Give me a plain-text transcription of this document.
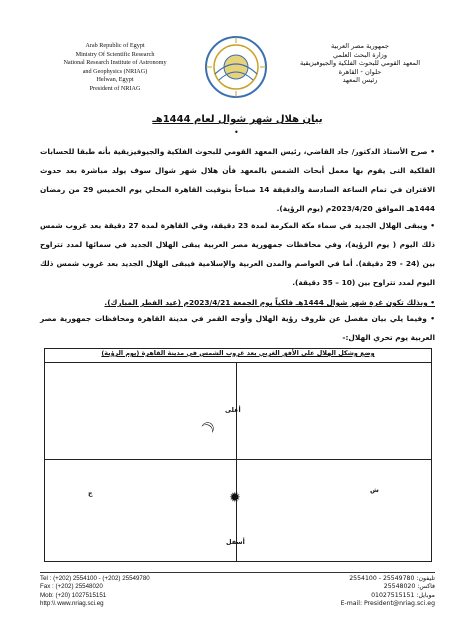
Arab Republic of Egypt
Ministry Of Scientific Research
National Research Institute of Astronomy
and Geophysics (NRIAG)
Helwan, Egypt
President of NRIAG
جمهورية مصر العربية
وزارة البحث العلمي
المعهد القومي للبحوث الفلكية والجيوفيزيقية
حلوان - القاهرة
رئيس المعهد
بيان هلال شهر شوال لعام 1444هـ
•
• صرح الأستاذ الدكتور/ جاد القاضي، رئيس المعهد القومي للبحوث الفلكية والجيوفيزيقية بأنه طبقا للحسابات الفلكية التى يقوم بها معمل أبحاث الشمس بالمعهد فأن هلال شهر شوال سوف يولد مباشرة بعد حدوث الاقتران في تمام الساعة السادسة والدقيقة 14 صباحاً بتوقيت القاهرة المحلي يوم الخميس 29 من رمضان 1444هـ الموافق 2023/4/20م (يوم الرؤية).
• ويبقى الهلال الجديد في سماء مكة المكرمة لمدة 23 دقيقة، وفي القاهرة لمدة 27 دقيقة بعد غروب شمس ذلك اليوم ( يوم الرؤية)، وفي محافظات جمهورية مصر العربية يبقى الهلال الجديد في سمائها لمدد تتراوح بين (24 - 29 دقيقة). أما في العواصم والمدن العربية والإسلامية فيبقى الهلال الجديد بعد غروب شمس ذلك اليوم لمدد تتراوح بين (10 – 35 دقيقة).
• وبذلك تكون غرة شهر شوال 1444هـ فلكياً يوم الجمعة 2023/4/21م (عيد الفطر المبارك).
• وفيما يلي بيان مفصل عن ظروف رؤية الهلال وأوجه القمر في مدينة القاهرة ومحافظات جمهورية مصر العربية يوم تحري الهلال:-
وضع وشكل الهلال على الأفق الغربي بعد غروب الشمس في مدينة القاهرة (يوم الرؤية)
أعلى
أسفل
ج	ش
☽
✹
Tel : (+202) 2554100 - (+202) 25549780
Fax : (+202) 25548020
Mob: (+20) 1027515151
http:\\ www.nriag.sci.eg
تليفون: 25549780 - 2554100
فاكس: 25548020
موبايل: 01027515151
E-mail: President@nriag.sci.eg
